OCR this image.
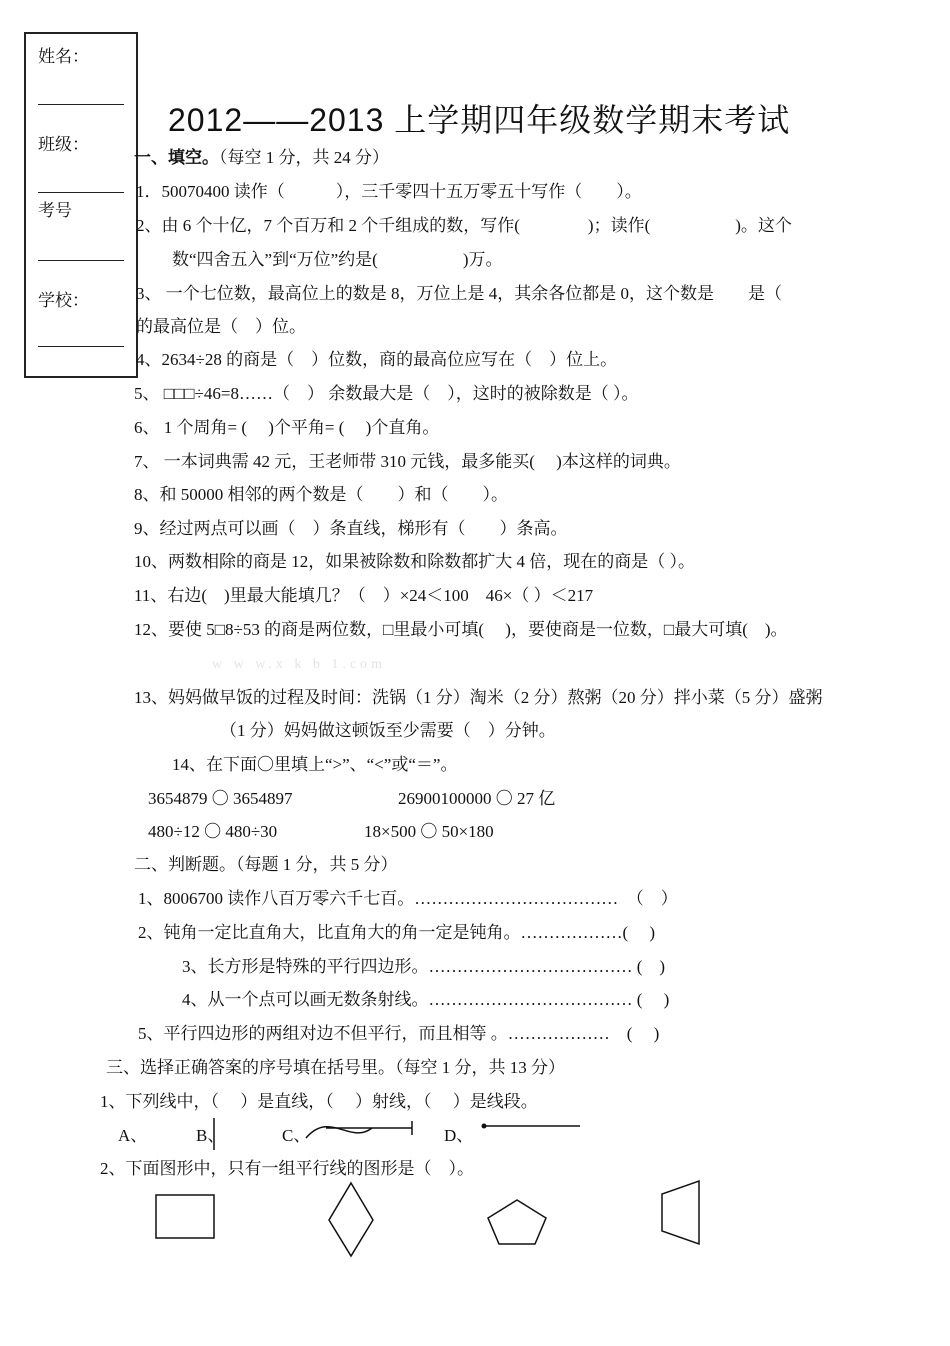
姓名：
班级：
考号
学校：
2012——2013 上学期四年级数学期末考试
一、填空。（每空 1 分，共 24 分）
1．50070400 读作（　　　），三千零四十五万零五十写作（　　）。
2、由 6 个十亿，7 个百万和 2 个千组成的数，写作(　　　　)；读作(　　　　　)。这个
数“四舍五入”到“万位”约是(　　　　　)万。
3、 一个七位数，最高位上的数是 8，万位上是 4，其余各位都是 0，这个数是　　是（
的最高位是（　）位。
4、2634÷28 的商是（　）位数，商的最高位应写在（　）位上。
5、 □□□÷46=8……（　） 余数最大是（　），这时的被除数是（ ）。
6、 1 个周角= (　 )个平角= (　 )个直角。
7、 一本词典需 42 元，王老师带 310 元钱，最多能买(　 )本这样的词典。
8、和 50000 相邻的两个数是（　　）和（　　）。
9、经过两点可以画（　）条直线，梯形有（　　）条高。
10、两数相除的商是 12，如果被除数和除数都扩大 4 倍，现在的商是（ ）。
11、右边(　)里最大能填几？（　）×24＜100　46×（ ）＜217
12、要使 5□8÷53 的商是两位数，□里最小可填(　 )，要使商是一位数，□最大可填(　)。
w w w.x k b 1.com
13、妈妈做早饭的过程及时间：洗锅（1 分）淘米（2 分）熬粥（20 分）拌小菜（5 分）盛粥
（1 分）妈妈做这顿饭至少需要（　）分钟。
14、在下面〇里填上“>”、“<”或“＝”。
3654879 〇 3654897	26900100000 〇 27 亿
480÷12 〇 480÷30	18×500 〇 50×180
二、判断题。（每题 1 分，共 5 分）
1、8006700 读作八百万零六千七百。………………………………　（　）
2、钝角一定比直角大，比直角大的角一定是钝角。………………(　 )
3、长方形是特殊的平行四边形。……………………………… (　)
4、从一个点可以画无数条射线。……………………………… (　 )
5、平行四边形的两组对边不但平行，而且相等 。………………　(　 )
三、选择正确答案的序号填在括号里。（每空 1 分，共 13 分）
1、下列线中，（　 ）是直线，（　 ）射线，（　 ）是线段。
A、	B、	C、	D、
2、下面图形中，只有一组平行线的图形是（　）。
